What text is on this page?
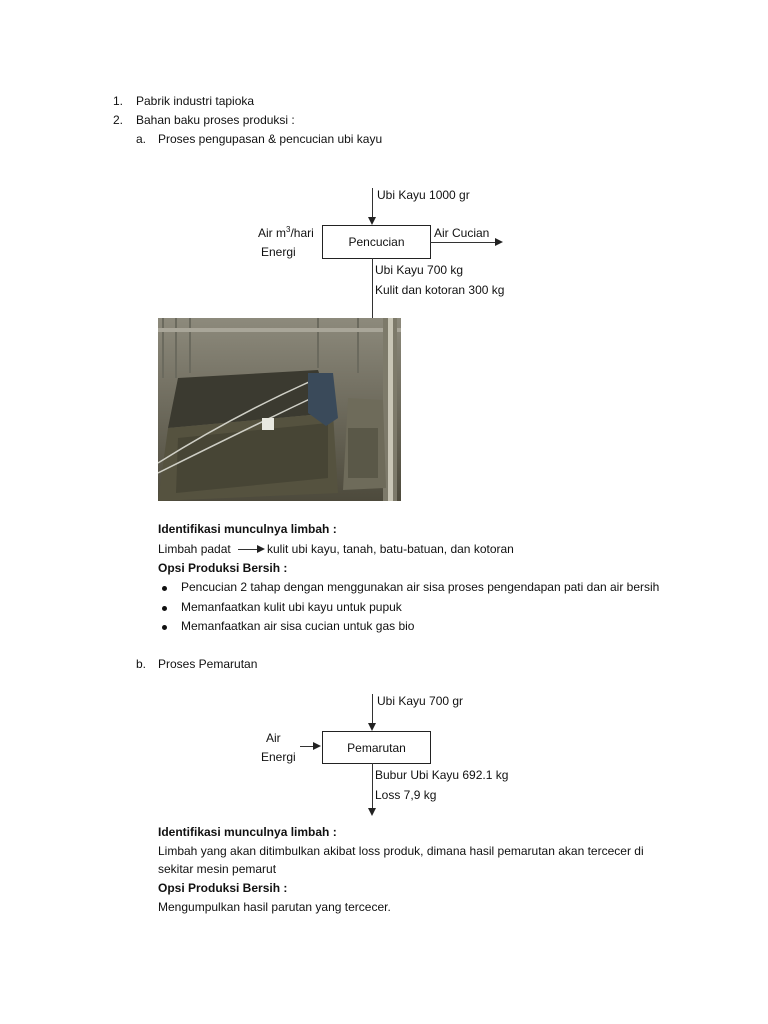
1. Pabrik industri tapioka
2. Bahan baku proses produksi :
a. Proses pengupasan & pencucian ubi kayu
Ubi Kayu 1000 gr
Air $m^3$/hari
Energi
Pencucian
Air Cucian
Ubi Kayu 700 kg
Kulit dan kotoran 300 kg
Identifikasi munculnya limbah :
Limbah padat	kulit ubi kayu, tanah, batu-batuan, dan kotoran
Opsi Produksi Bersih :
Pencucian 2 tahap dengan menggunakan air sisa proses pengendapan pati dan air bersih
Memanfaatkan kulit ubi kayu untuk pupuk
Memanfaatkan air sisa cucian untuk gas bio
b. Proses Pemarutan
Ubi Kayu 700 gr
Air
Energi
Pemarutan
Bubur Ubi Kayu 692.1 kg
Loss 7,9 kg
Identifikasi munculnya limbah :
Limbah yang akan ditimbulkan akibat loss produk, dimana hasil pemarutan akan tercecer di
sekitar mesin pemarut
Opsi Produksi Bersih :
Mengumpulkan hasil parutan yang tercecer.
